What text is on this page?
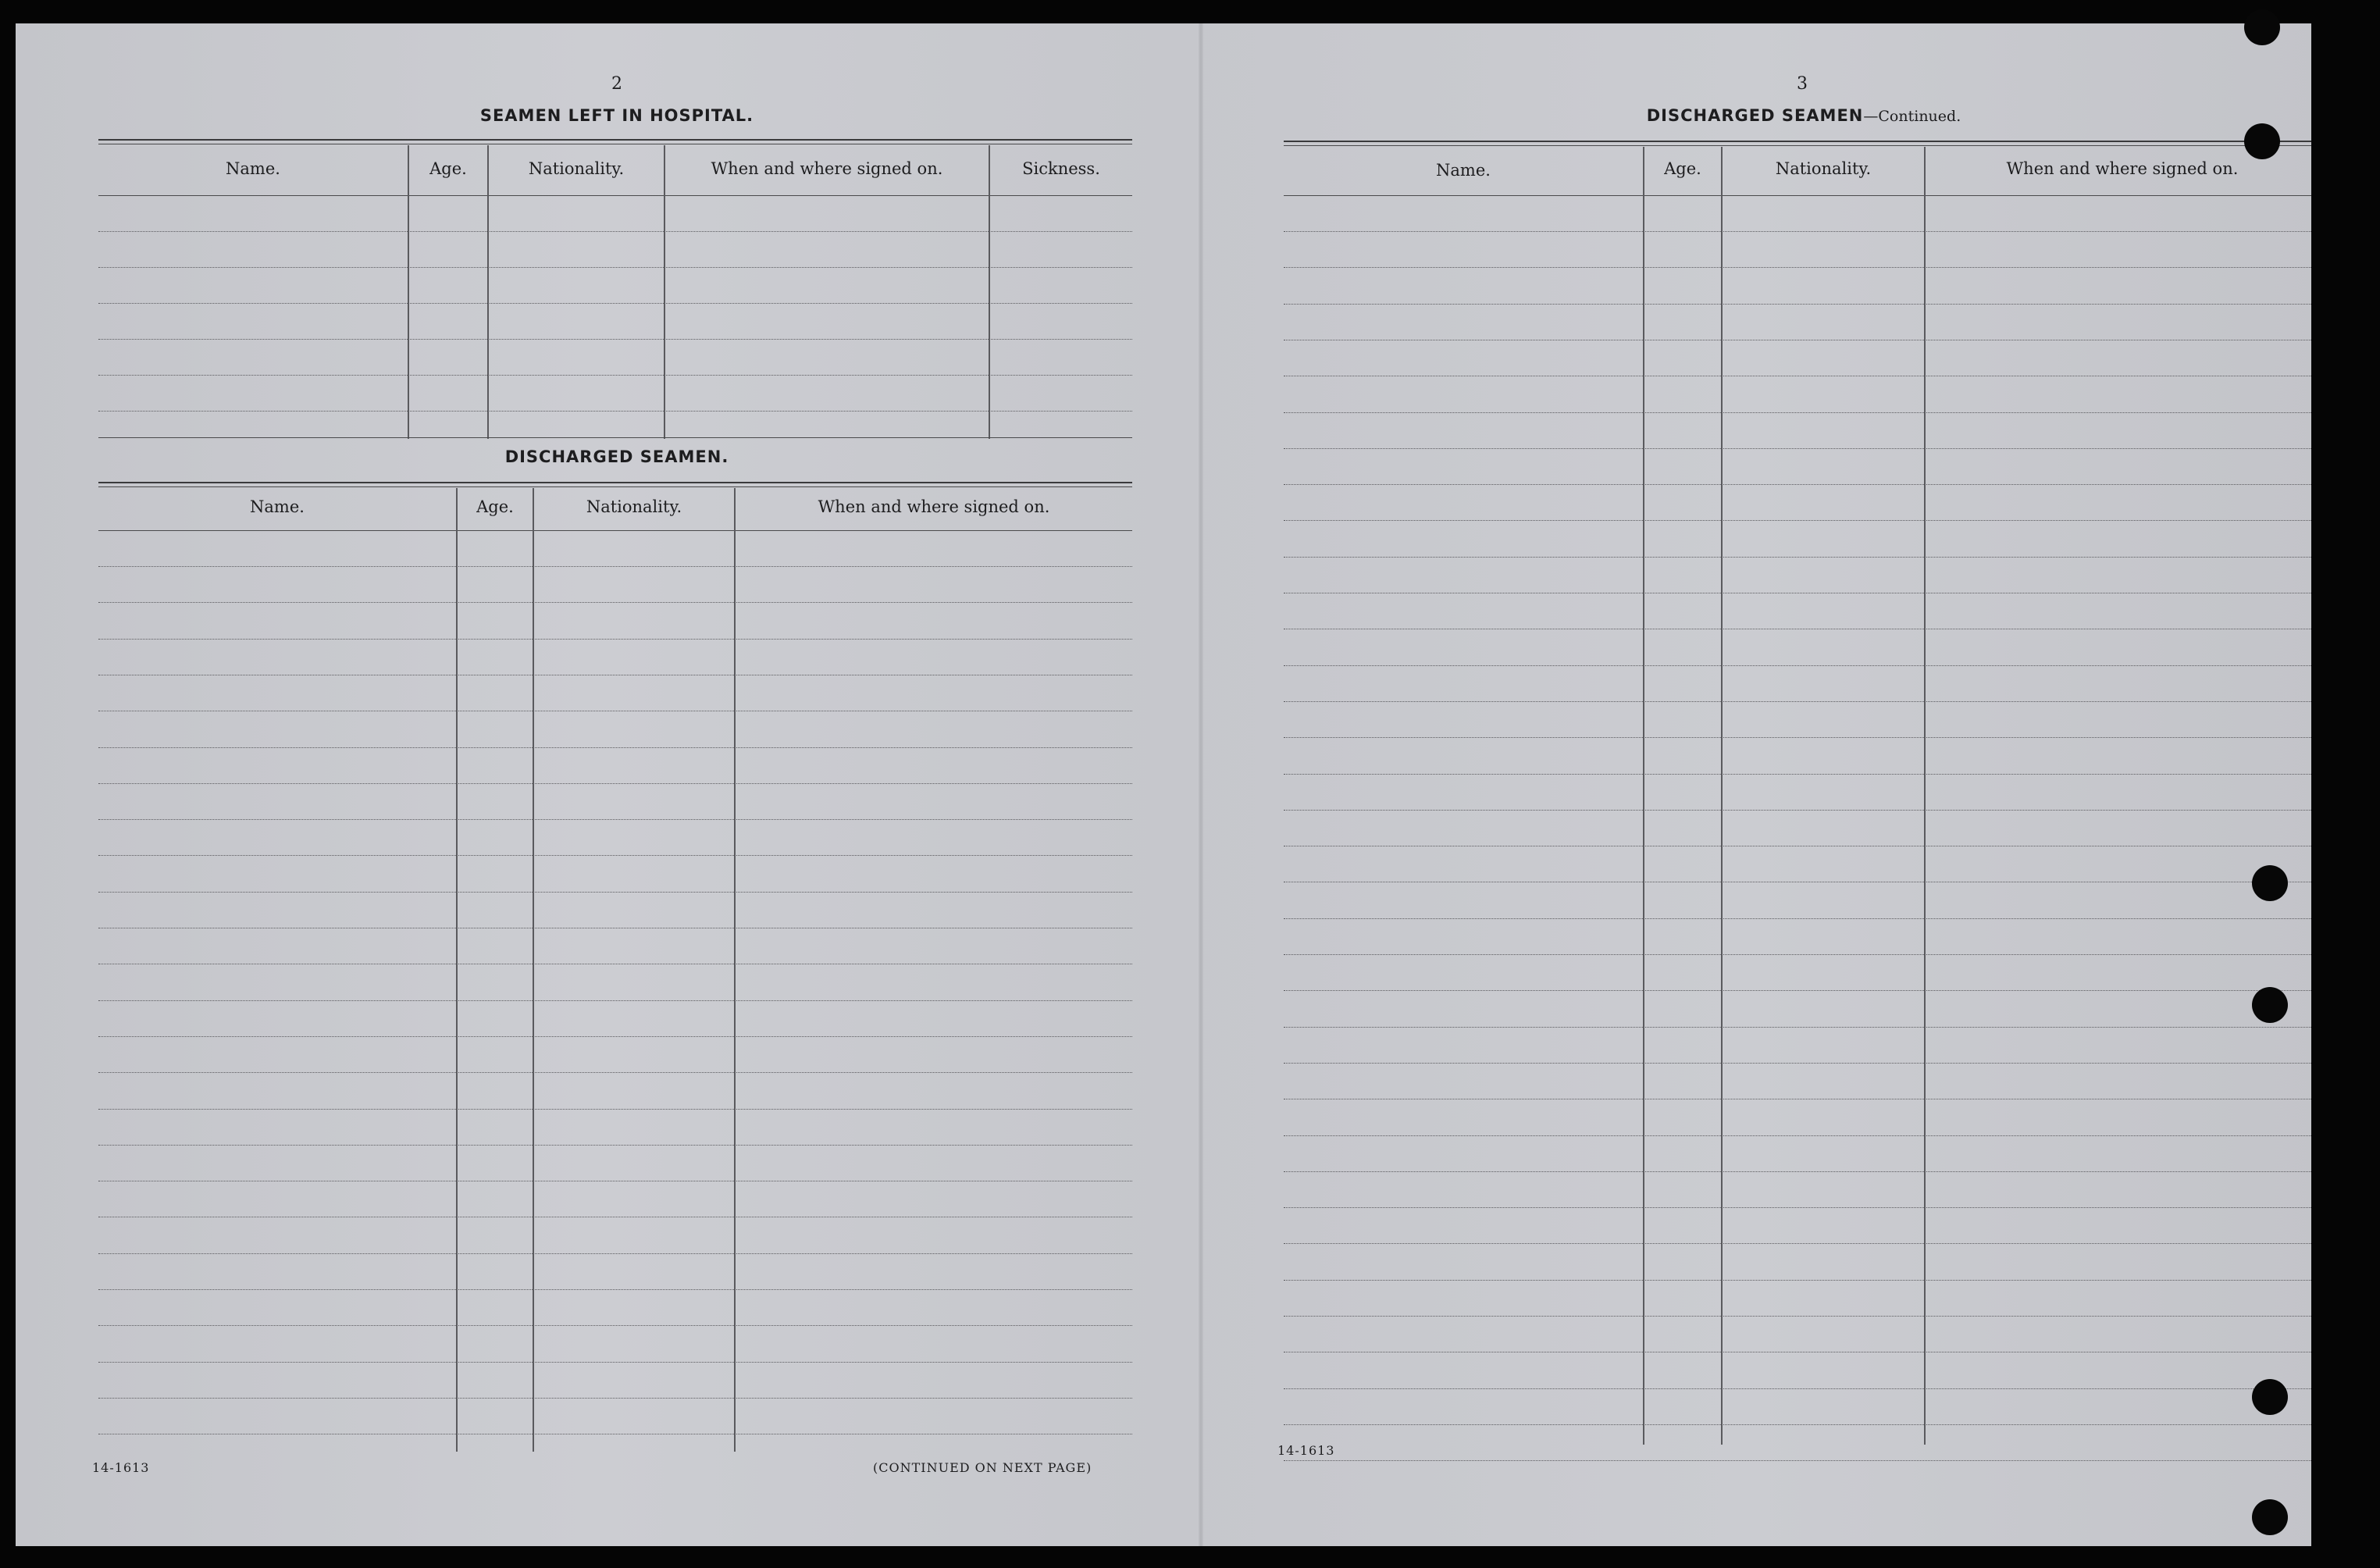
2
SEAMEN LEFT IN HOSPITAL.
Name.	Age.	Nationality.	When and where signed on.	Sickness.
DISCHARGED SEAMEN.
Name.	Age.	Nationality.	When and where signed on.
14-1613	(CONTINUED ON NEXT PAGE)
3
DISCHARGED SEAMEN—Continued.
Name.	Age.	Nationality.	When and where signed on.
14-1613
